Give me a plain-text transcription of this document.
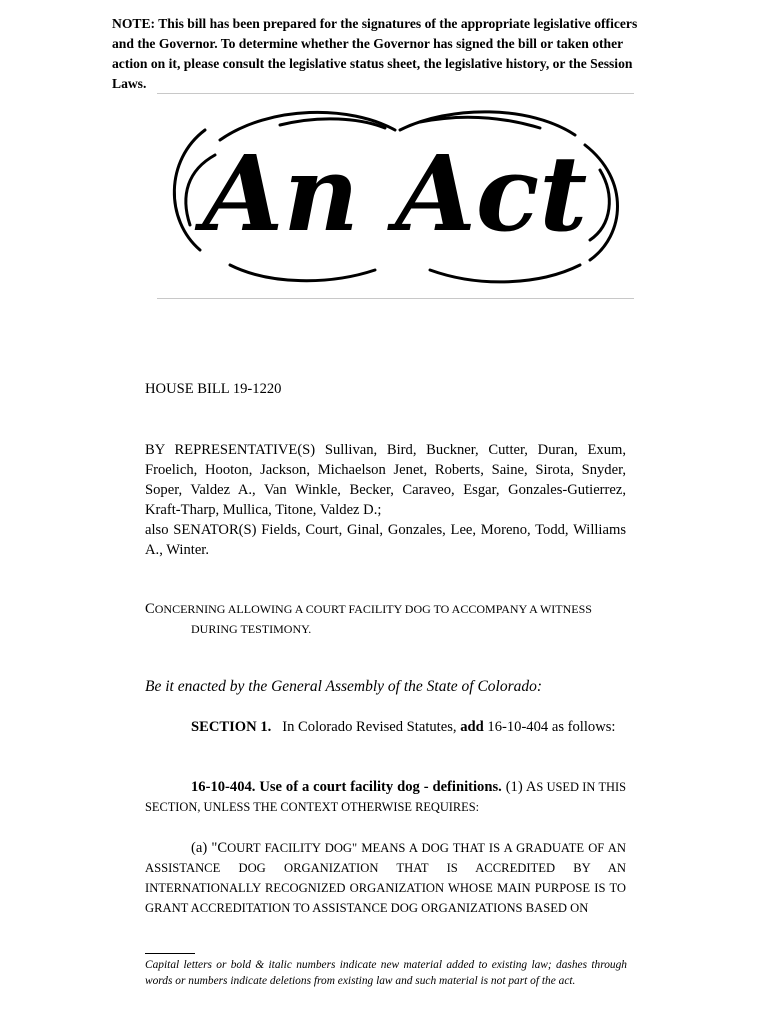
NOTE: This bill has been prepared for the signatures of the appropriate legislative officers and the Governor. To determine whether the Governor has signed the bill or taken other action on it, please consult the legislative status sheet, the legislative history, or the Session Laws.
An Act
HOUSE BILL 19-1220

BY REPRESENTATIVE(S) Sullivan, Bird, Buckner, Cutter, Duran, Exum, Froelich, Hooton, Jackson, Michaelson Jenet, Roberts, Saine, Sirota, Snyder, Soper, Valdez A., Van Winkle, Becker, Caraveo, Esgar, Gonzales-Gutierrez, Kraft-Tharp, Mullica, Titone, Valdez D.;

also SENATOR(S) Fields, Court, Ginal, Gonzales, Lee, Moreno, Todd, Williams A., Winter.

CONCERNING ALLOWING A COURT FACILITY DOG TO ACCOMPANY A WITNESS
DURING TESTIMONY.
Be it enacted by the General Assembly of the State of Colorado:
SECTION 1. In Colorado Revised Statutes, add 16-10-404 as follows:
16-10-404. Use of a court facility dog - definitions. (1) AS USED IN THIS SECTION, UNLESS THE CONTEXT OTHERWISE REQUIRES:
(a) "COURT FACILITY DOG" MEANS A DOG THAT IS A GRADUATE OF AN ASSISTANCE DOG ORGANIZATION THAT IS ACCREDITED BY AN INTERNATIONALLY RECOGNIZED ORGANIZATION WHOSE MAIN PURPOSE IS TO GRANT ACCREDITATION TO ASSISTANCE DOG ORGANIZATIONS BASED ON
Capital letters or bold & italic numbers indicate new material added to existing law; dashes through words or numbers indicate deletions from existing law and such material is not part of the act.
